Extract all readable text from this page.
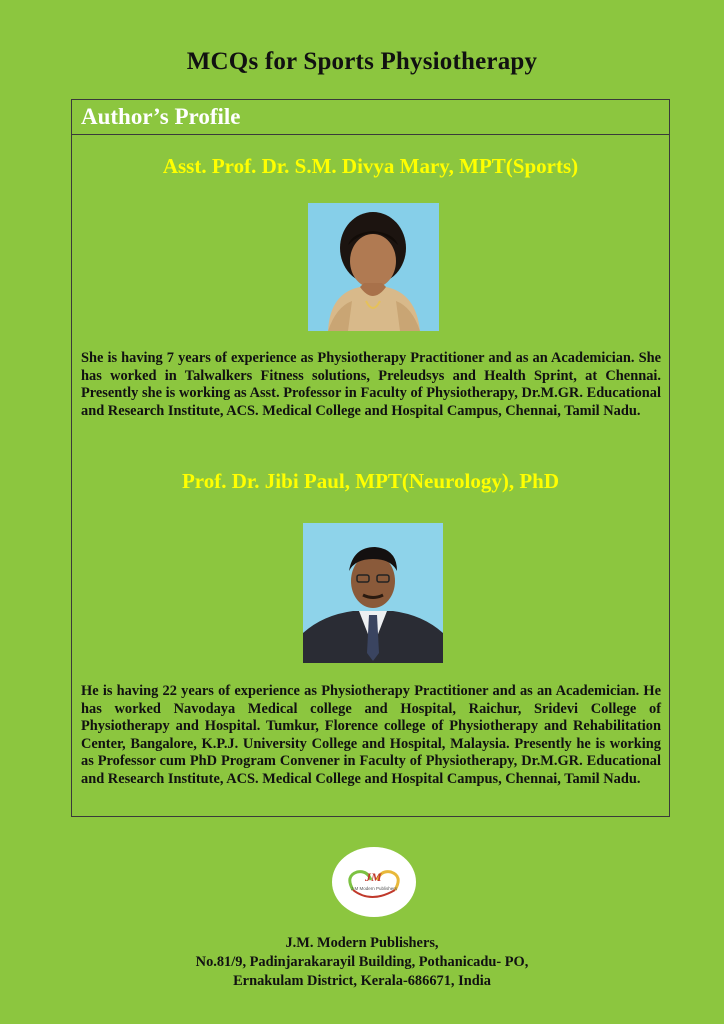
MCQs for Sports Physiotherapy
Author’s Profile
Asst. Prof. Dr. S.M. Divya Mary, MPT(Sports)
She is having 7 years of experience as Physiotherapy Practitioner and as an Academician. She has worked in Talwalkers Fitness solutions, Preleudsys and Health Sprint, at Chennai. Presently she is working as Asst. Professor in Faculty of Physiotherapy, Dr.M.GR. Educational and Research Institute, ACS. Medical College and Hospital Campus, Chennai, Tamil Nadu.
Prof. Dr. Jibi Paul, MPT(Neurology), PhD
He is having 22 years of experience as Physiotherapy Practitioner and as an Academician. He has worked Navodaya Medical college and Hospital, Raichur, Sridevi College of Physiotherapy and Hospital. Tumkur, Florence college of Physiotherapy and Rehabilitation Center, Bangalore, K.P.J. University College and Hospital, Malaysia. Presently he is working as Professor cum PhD Program Convener in Faculty of Physiotherapy, Dr.M.GR. Educational and Research Institute, ACS. Medical College and Hospital Campus, Chennai, Tamil Nadu.
JM
J.M Modern Publishers
J.M. Modern Publishers,
No.81/9, Padinjarakarayil Building, Pothanicadu- PO,
Ernakulam District, Kerala-686671, India
